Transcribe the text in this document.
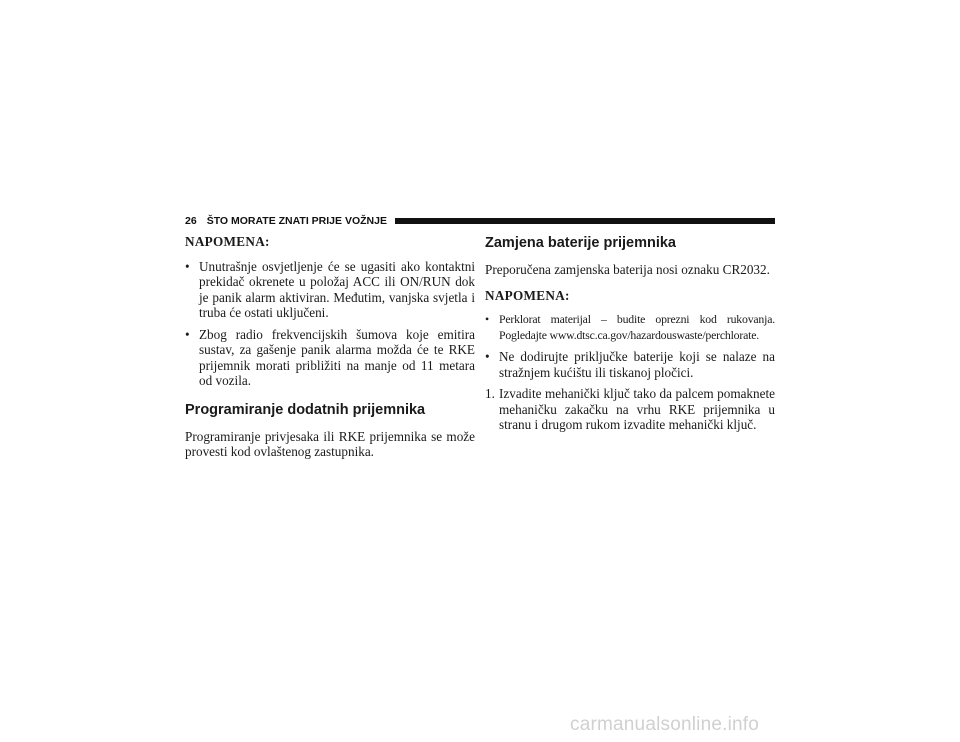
26 ŠTO MORATE ZNATI PRIJE VOŽNJE
NAPOMENA:
• Unutrašnje osvjetljenje će se ugasiti ako kontaktni prekidač okrenete u položaj ACC ili ON/RUN dok je panik alarm aktiviran. Međutim, vanjska svjetla i truba će ostati uključeni.
• Zbog radio frekvencijskih šumova koje emitira sustav, za gašenje panik alarma možda će te RKE prijemnik morati približiti na manje od 11 metara od vozila.
Programiranje dodatnih prijemnika

Programiranje privjesaka ili RKE prijemnika se može provesti kod ovlaštenog zastupnika.

Zamjena baterije prijemnika

Preporučena zamjenska baterija nosi oznaku CR2032.

NAPOMENA:
• Perklorat materijal – budite oprezni kod rukovanja. Pogledajte www.dtsc.ca.gov/hazardouswaste/perchlorate.
• Ne dodirujte priključke baterije koji se nalaze na stražnjem kućištu ili tiskanoj pločici.
1. Izvadite mehanički ključ tako da palcem pomaknete mehaničku zakačku na vrhu RKE prijemnika u stranu i drugom rukom izvadite mehanički ključ.
carmanualsonline.info
